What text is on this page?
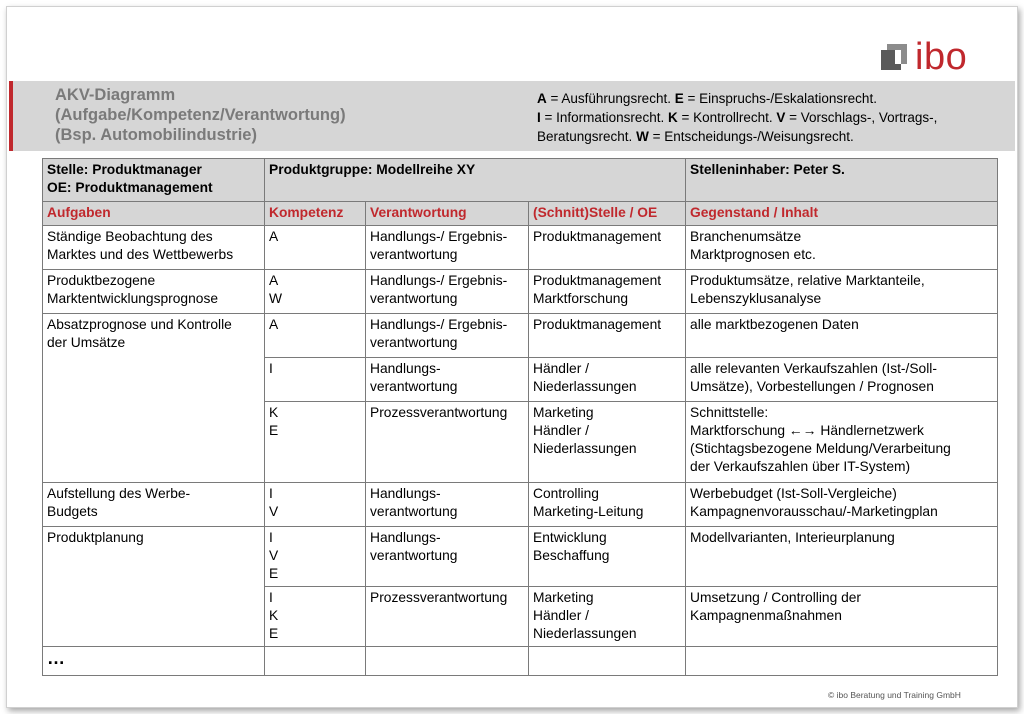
ibo
AKV-Diagramm
(Aufgabe/Kompetenz/Verantwortung)
(Bsp. Automobilindustrie)
A = Ausführungsrecht. E = Einspruchs-/Eskalationsrecht.
I = Informationsrecht. K = Kontrollrecht. V = Vorschlags-, Vortrags-,
Beratungsrecht. W = Entscheidungs-/Weisungsrecht.
Stelle: Produktmanager
OE: Produktmanagement	Produktgruppe: Modellreihe XY			Stelleninhaber: Peter S.
Aufgaben	Kompetenz	Verantwortung	(Schnitt)Stelle / OE	Gegenstand / Inhalt
Ständige Beobachtung des
Marktes und des Wettbewerbs	A	Handlungs-/ Ergebnis-
verantwortung	Produktmanagement	Branchenumsätze
Marktprognosen etc.
Produktbezogene
Marktentwicklungsprognose	A
W	Handlungs-/ Ergebnis-
verantwortung	Produktmanagement
Marktforschung	Produktumsätze, relative Marktanteile,
Lebenszyklusanalyse
Absatzprognose und Kontrolle
der Umsätze	A	Handlungs-/ Ergebnis-
verantwortung	Produktmanagement	alle marktbezogenen Daten
	I	Handlungs-
verantwortung	Händler /
Niederlassungen	alle relevanten Verkaufszahlen (Ist-/Soll-
Umsätze), Vorbestellungen / Prognosen
	K
E	Prozessverantwortung	Marketing
Händler /
Niederlassungen	Schnittstelle:
Marktforschung ←→ Händlernetzwerk
(Stichtagsbezogene Meldung/Verarbeitung
der Verkaufszahlen über IT-System)
Aufstellung des Werbe-
Budgets	I
V	Handlungs-
verantwortung	Controlling
Marketing-Leitung	Werbebudget (Ist-Soll-Vergleiche)
Kampagnenvorausschau/-Marketingplan
Produktplanung	I
V
E	Handlungs-
verantwortung	Entwicklung
Beschaffung	Modellvarianten, Interieurplanung
	I
K
E	Prozessverantwortung	Marketing
Händler /
Niederlassungen	Umsetzung / Controlling der
Kampagnenmaßnahmen
…				
© ibo Beratung und Training GmbH
